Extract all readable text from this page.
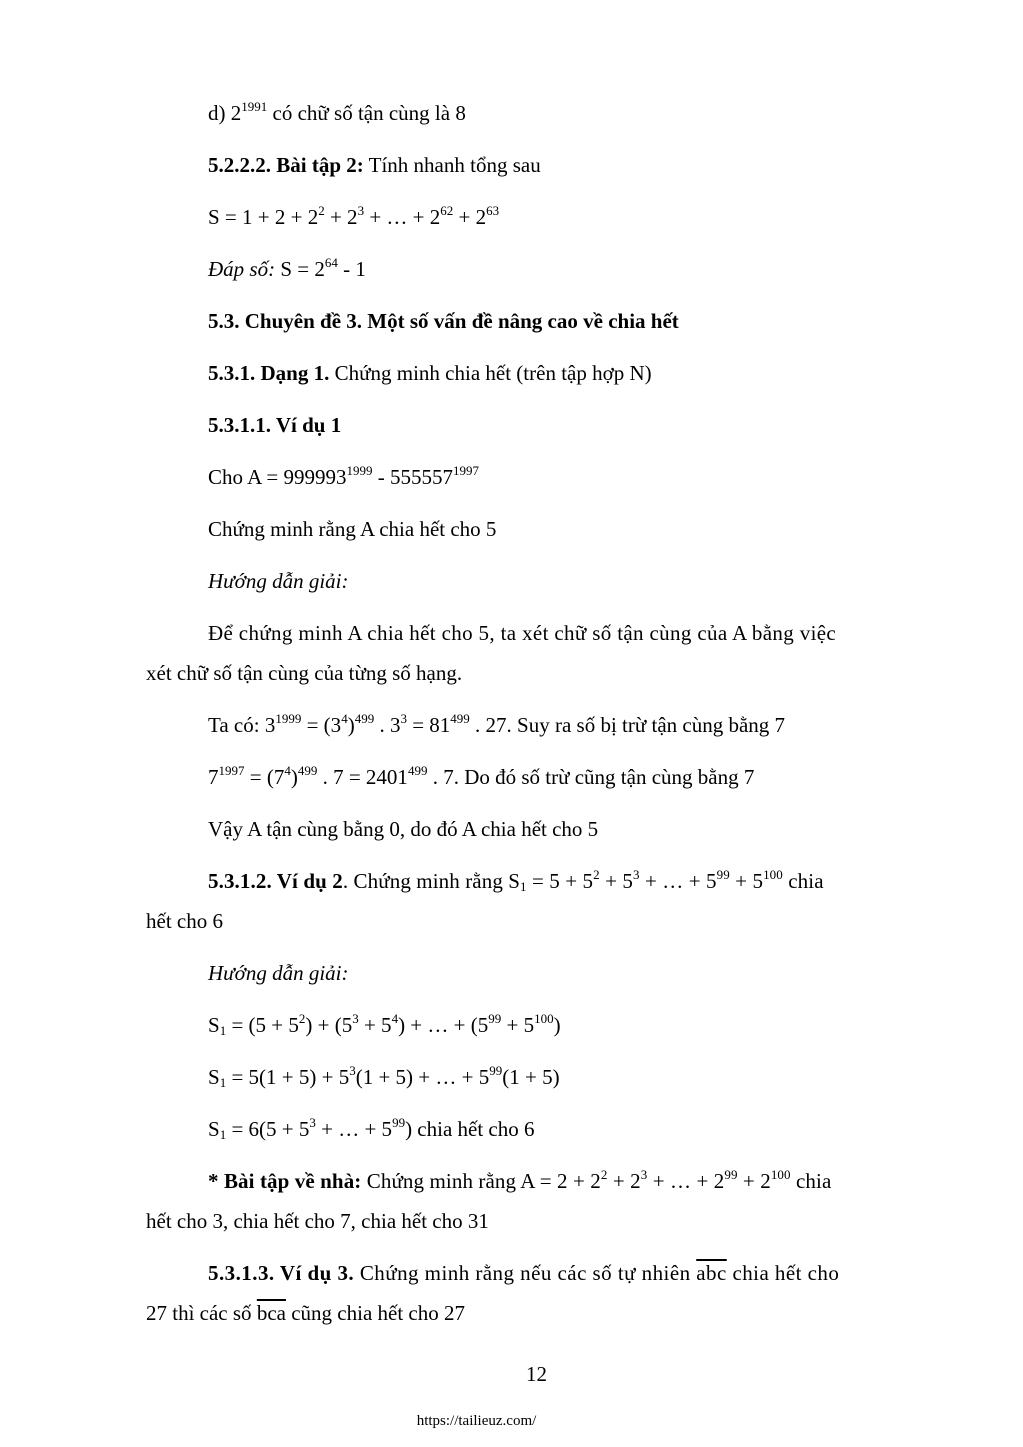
d) $2^{1991}$ có chữ số tận cùng là 8
5.2.2.2. Bài tập 2: Tính nhanh tổng sau
$S = 1 + 2 + 2^2 + 2^3$ + … + $2^{62} + 2^{63}$
Đáp số: $S = 2^{64} - 1$
5.3. Chuyên đề 3. Một số vấn đề nâng cao về chia hết
5.3.1. Dạng 1. Chứng minh chia hết (trên tập hợp N)
5.3.1.1. Ví dụ 1
Cho $A = 999993^{1999} - 555557^{1997}$
Chứng minh rằng A chia hết cho 5
Hướng dẫn giải:
Để chứng minh A chia hết cho 5, ta xét chữ số tận cùng của A bằng việc
xét chữ số tận cùng của từng số hạng.
Ta có: $3^{1999} = (3^4)^{499}$ . $3^3 = 81^{499}$ . 27. Suy ra số bị trừ tận cùng bằng 7
$7^{1997} = (7^4)^{499}$ . $7 = 2401^{499}$ . 7. Do đó số trừ cũng tận cùng bằng 7
Vậy A tận cùng bằng 0, do đó A chia hết cho 5
5.3.1.2. Ví dụ 2. Chứng minh rằng $S_1 = 5 + 5^2 + 5^3$ + … + $5^{99} + 5^{100}$ chia
hết cho 6
Hướng dẫn giải:
$S_1 = (5 + 5^2) + (5^3 + 5^4)$ + … + $(5^{99} + 5^{100})$
$S_1 = 5(1 + 5) + 5^3(1 + 5)$ + … + $5^{99}(1 + 5)$
$S_1 = 6(5 + 5^3$ + … + $5^{99}$) chia hết cho 6
* Bài tập về nhà: Chứng minh rằng $A = 2 + 2^2 + 2^3$ + … + $2^{99} + 2^{100}$ chia
hết cho 3, chia hết cho 7, chia hết cho 31
5.3.1.3. Ví dụ 3. Chứng minh rằng nếu các số tự nhiên $\overline{abc}$ chia hết cho
27 thì các số $\overline{bca}$ cũng chia hết cho 27
12
https://tailieuz.com/
